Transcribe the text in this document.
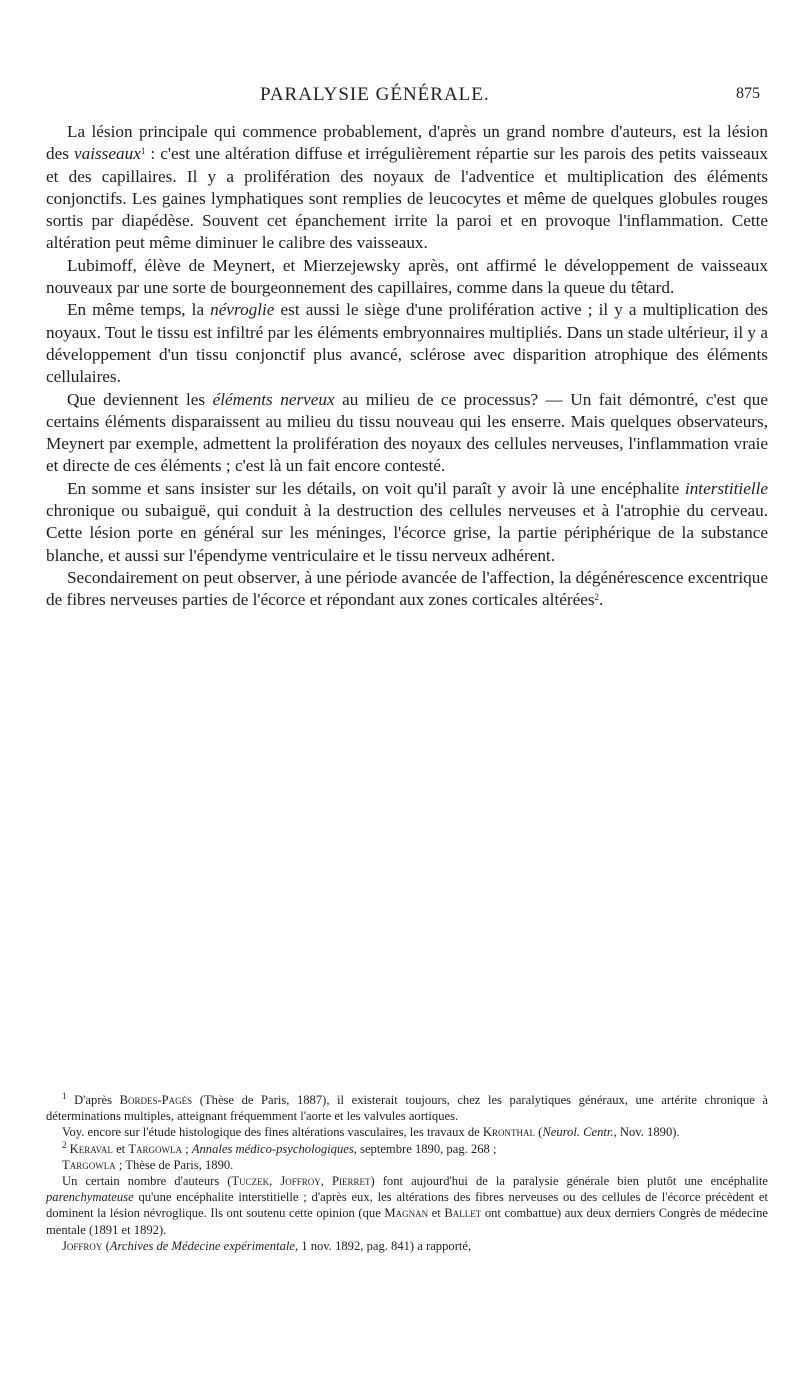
PARALYSIE GÉNÉRALE.	875

La lésion principale qui commence probablement, d'après un grand nombre d'auteurs, est la lésion des vaisseaux$^1$ : c'est une altération diffuse et irrégulièrement répartie sur les parois des petits vaisseaux et des capillaires. Il y a prolifération des noyaux de l'adventice et multiplication des éléments conjonctifs. Les gaines lymphatiques sont remplies de leucocytes et même de quelques globules rouges sortis par diapédèse. Souvent cet épanchement irrite la paroi et en provoque l'inflammation. Cette altération peut même diminuer le calibre des vaisseaux.

Lubimoff, élève de Meynert, et Mierzejewsky après, ont affirmé le développement de vaisseaux nouveaux par une sorte de bourgeonnement des capillaires, comme dans la queue du têtard.

En même temps, la névroglie est aussi le siège d'une prolifération active ; il y a multiplication des noyaux. Tout le tissu est infiltré par les éléments embryonnaires multipliés. Dans un stade ultérieur, il y a développement d'un tissu conjonctif plus avancé, sclérose avec disparition atrophique des éléments cellulaires.

Que deviennent les éléments nerveux au milieu de ce processus? — Un fait démontré, c'est que certains éléments disparaissent au milieu du tissu nouveau qui les enserre. Mais quelques observateurs, Meynert par exemple, admettent la prolifération des noyaux des cellules nerveuses, l'inflammation vraie et directe de ces éléments ; c'est là un fait encore contesté.

En somme et sans insister sur les détails, on voit qu'il paraît y avoir là une encéphalite interstitielle chronique ou subaiguë, qui conduit à la destruction des cellules nerveuses et à l'atrophie du cerveau. Cette lésion porte en général sur les méninges, l'écorce grise, la partie périphérique de la substance blanche, et aussi sur l'épendyme ventriculaire et le tissu nerveux adhérent.

Secondairement on peut observer, à une période avancée de l'affection, la dégénérescence excentrique de fibres nerveuses parties de l'écorce et répondant aux zones corticales altérées$^2$.

$^1$ D'après Bordes-Pagès (Thèse de Paris, 1887), il existerait toujours, chez les paralytiques généraux, une artérite chronique à déterminations multiples, atteignant fréquemment l'aorte et les valvules aortiques.

Voy. encore sur l'étude histologique des fines altérations vasculaires, les travaux de Kronthal (Neurol. Centr., Nov. 1890).

$^2$ Keraval et Targowla ; Annales médico-psychologiques, septembre 1890, pag. 268 ;

Targowla ; Thèse de Paris, 1890.

Un certain nombre d'auteurs (Tuczek, Joffroy, Pierret) font aujourd'hui de la paralysie générale bien plutôt une encéphalite parenchymateuse qu'une encéphalite interstitielle ; d'après eux, les altérations des fibres nerveuses ou des cellules de l'écorce précèdent et dominent la lésion névroglique. Ils ont soutenu cette opinion (que Magnan et Ballet ont combattue) aux deux derniers Congrès de médecine mentale (1891 et 1892).

Joffroy (Archives de Médecine expérimentale, 1 nov. 1892, pag. 841) a rapporté,
